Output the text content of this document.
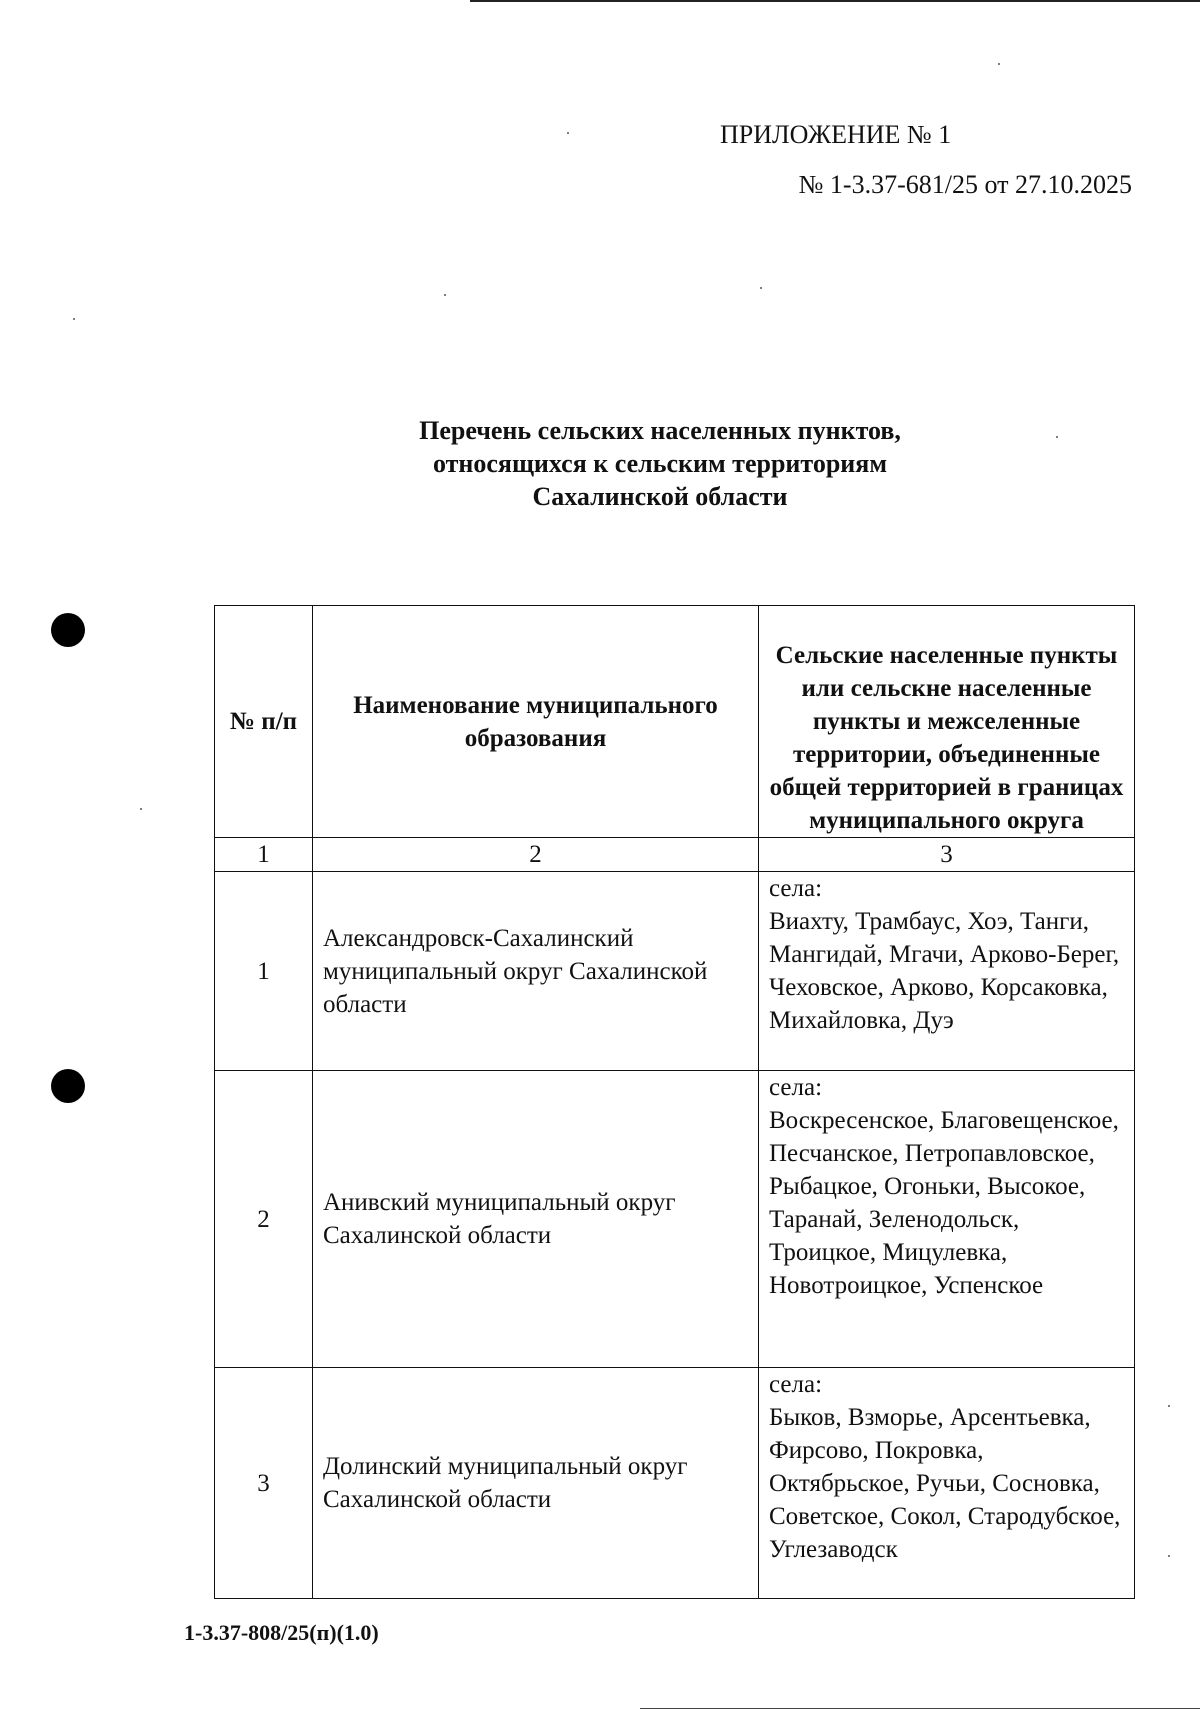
ПРИЛОЖЕНИЕ № 1
№ 1-3.37-681/25 от 27.10.2025
Перечень сельских населенных пунктов,
относящихся к сельским территориям
Сахалинской области
№ п/п	Наименование муниципального образования	Сельские населенные пункты или сельскне населенные пункты и межселенные территории, объединенные общей территорией в границах муниципального округа
1	2	3
1	Александровск-Сахалинский муниципальный округ Сахалинской области	села:
Виахту, Трамбаус, Хоэ, Танги, Мангидай, Мгачи, Арково-Берег, Чеховское, Арково, Корсаковка, Михайловка, Дуэ

2	Анивский муниципальный округ Сахалинской области	села:
Воскресенское, Благовещенское, Песчанское, Петропавловское, Рыбацкое, Огоньки, Высокое, Таранай, Зеленодольск, Троицкое, Мицулевка, Новотроицкое, Успенское

3	Долинский муниципальный округ Сахалинской области	села:
Быков, Взморье, Арсентьевка, Фирсово, Покровка, Октябрьское, Ручьи, Сосновка, Советское, Сокол, Стародубское, Углезаводск
1-3.37-808/25(п)(1.0)
